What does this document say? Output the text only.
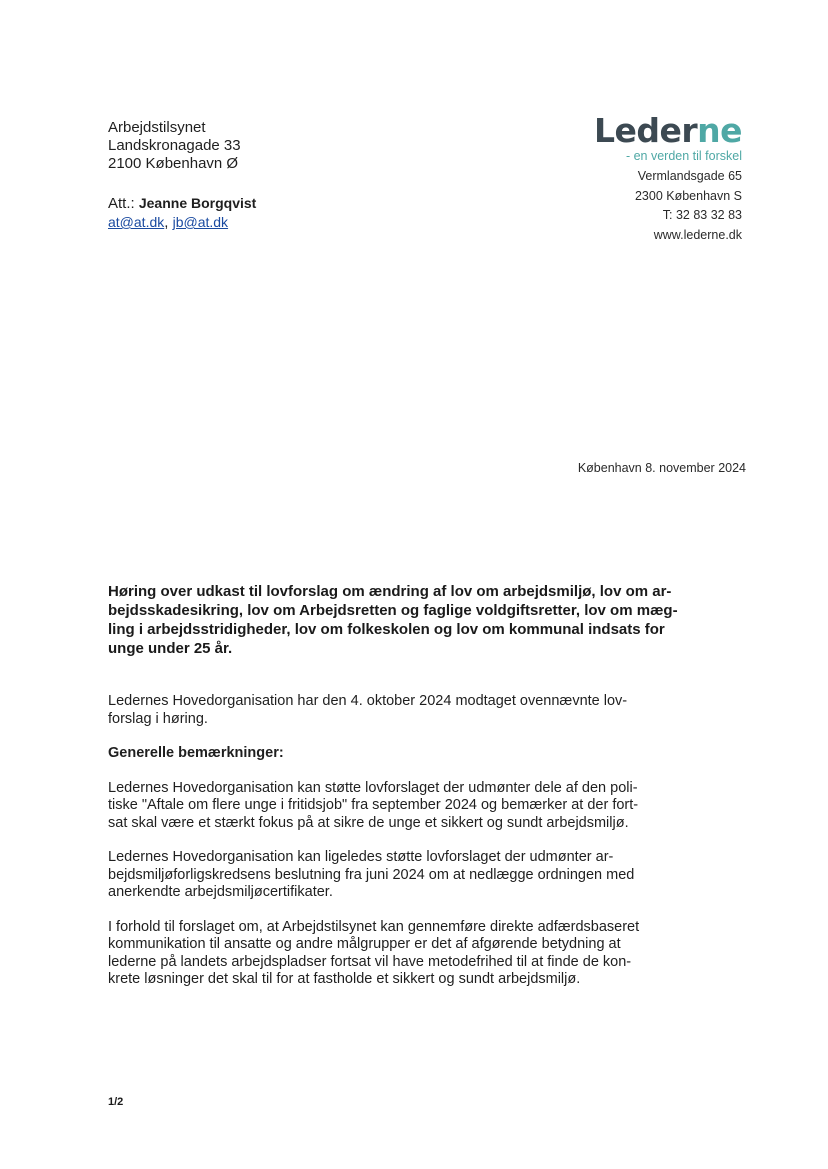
Arbejdstilsynet
Landskronagade 33
2100 København Ø
Att.: Jeanne Borgqvist
at@at.dk, jb@at.dk
Lederne
- en verden til forskel
Vermlandsgade 65
2300 København S
T: 32 83 32 83
www.lederne.dk
København 8. november 2024
Høring over udkast til lovforslag om ændring af lov om arbejdsmiljø, lov om ar-
bejdsskadesikring, lov om Arbejdsretten og faglige voldgiftsretter, lov om mæg-
ling i arbejdsstridigheder, lov om folkeskolen og lov om kommunal indsats for
unge under 25 år.
Ledernes Hovedorganisation har den 4. oktober 2024 modtaget ovennævnte lov-
forslag i høring.
Generelle bemærkninger:
Ledernes Hovedorganisation kan støtte lovforslaget der udmønter dele af den poli-
tiske "Aftale om flere unge i fritidsjob" fra september 2024 og bemærker at der fort-
sat skal være et stærkt fokus på at sikre de unge et sikkert og sundt arbejdsmiljø.
Ledernes Hovedorganisation kan ligeledes støtte lovforslaget der udmønter ar-
bejdsmiljøforligskredsens beslutning fra juni 2024 om at nedlægge ordningen med
anerkendte arbejdsmiljøcertifikater.
I forhold til forslaget om, at Arbejdstilsynet kan gennemføre direkte adfærdsbaseret
kommunikation til ansatte og andre målgrupper er det af afgørende betydning at
lederne på landets arbejdspladser fortsat vil have metodefrihed til at finde de kon-
krete løsninger det skal til for at fastholde et sikkert og sundt arbejdsmiljø.
1/2
